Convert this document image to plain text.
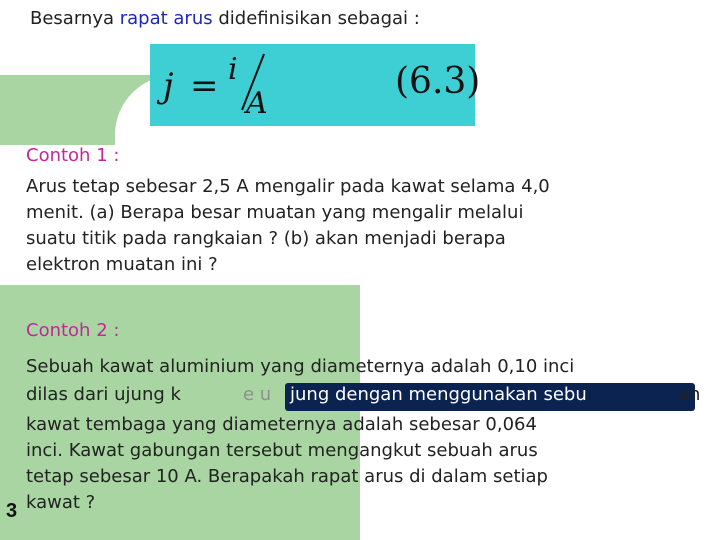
Besarnya rapat arus didefinisikan sebagai :
j = i
A
(6.3)
Contoh 1 :
Arus tetap sebesar 2,5 A mengalir pada kawat selama 4,0
menit. (a) Berapa besar muatan yang mengalir melalui
suatu titik pada rangkaian ? (b) akan menjadi berapa
elektron muatan ini ?
Contoh 2 :
Sebuah kawat aluminium yang diameternya adalah 0,10 inci
dilas dari ujung k	e u jung dengan menggunakan sebu	ah
kawat tembaga yang diameternya adalah sebesar 0,064
inci. Kawat gabungan tersebut mengangkut sebuah arus
tetap sebesar 10 A. Berapakah rapat arus di dalam setiap
kawat ?
3
